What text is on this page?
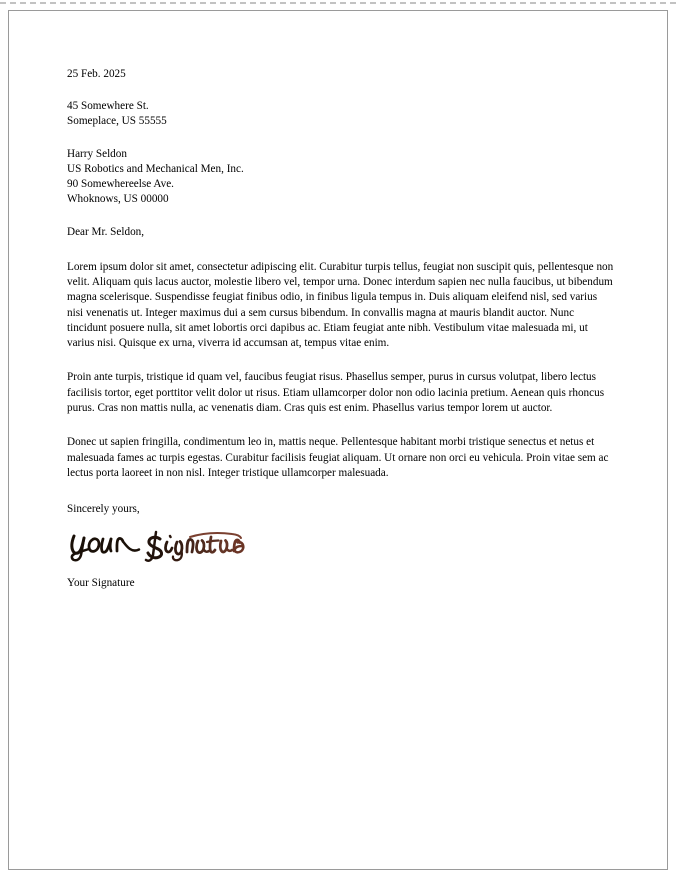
25 Feb. 2025
45 Somewhere St.
Someplace, US 55555
Harry Seldon
US Robotics and Mechanical Men, Inc.
90 Somewhereelse Ave.
Whoknows, US 00000
Dear Mr. Seldon,

Lorem ipsum dolor sit amet, consectetur adipiscing elit. Curabitur turpis tellus, feugiat non suscipit quis, pellentesque non velit. Aliquam quis lacus auctor, molestie libero vel, tempor urna. Donec interdum sapien nec nulla faucibus, ut bibendum magna scelerisque. Suspendisse feugiat finibus odio, in finibus ligula tempus in. Duis aliquam eleifend nisl, sed varius nisi venenatis ut. Integer maximus dui a sem cursus bibendum. In convallis magna at mauris blandit auctor. Nunc tincidunt posuere nulla, sit amet lobortis orci dapibus ac. Etiam feugiat ante nibh. Vestibulum vitae malesuada mi, ut varius nisi. Quisque ex urna, viverra id accumsan at, tempus vitae enim.

Proin ante turpis, tristique id quam vel, faucibus feugiat risus. Phasellus semper, purus in cursus volutpat, libero lectus facilisis tortor, eget porttitor velit dolor ut risus. Etiam ullamcorper dolor non odio lacinia pretium. Aenean quis rhoncus purus. Cras non mattis nulla, ac venenatis diam. Cras quis est enim. Phasellus varius tempor lorem ut auctor.

Donec ut sapien fringilla, condimentum leo in, mattis neque. Pellentesque habitant morbi tristique senectus et netus et malesuada fames ac turpis egestas. Curabitur facilisis feugiat aliquam. Ut ornare non orci eu vehicula. Proin vitae sem ac lectus porta laoreet in non nisl. Integer tristique ullamcorper malesuada.

Sincerely yours,
Your Signature
